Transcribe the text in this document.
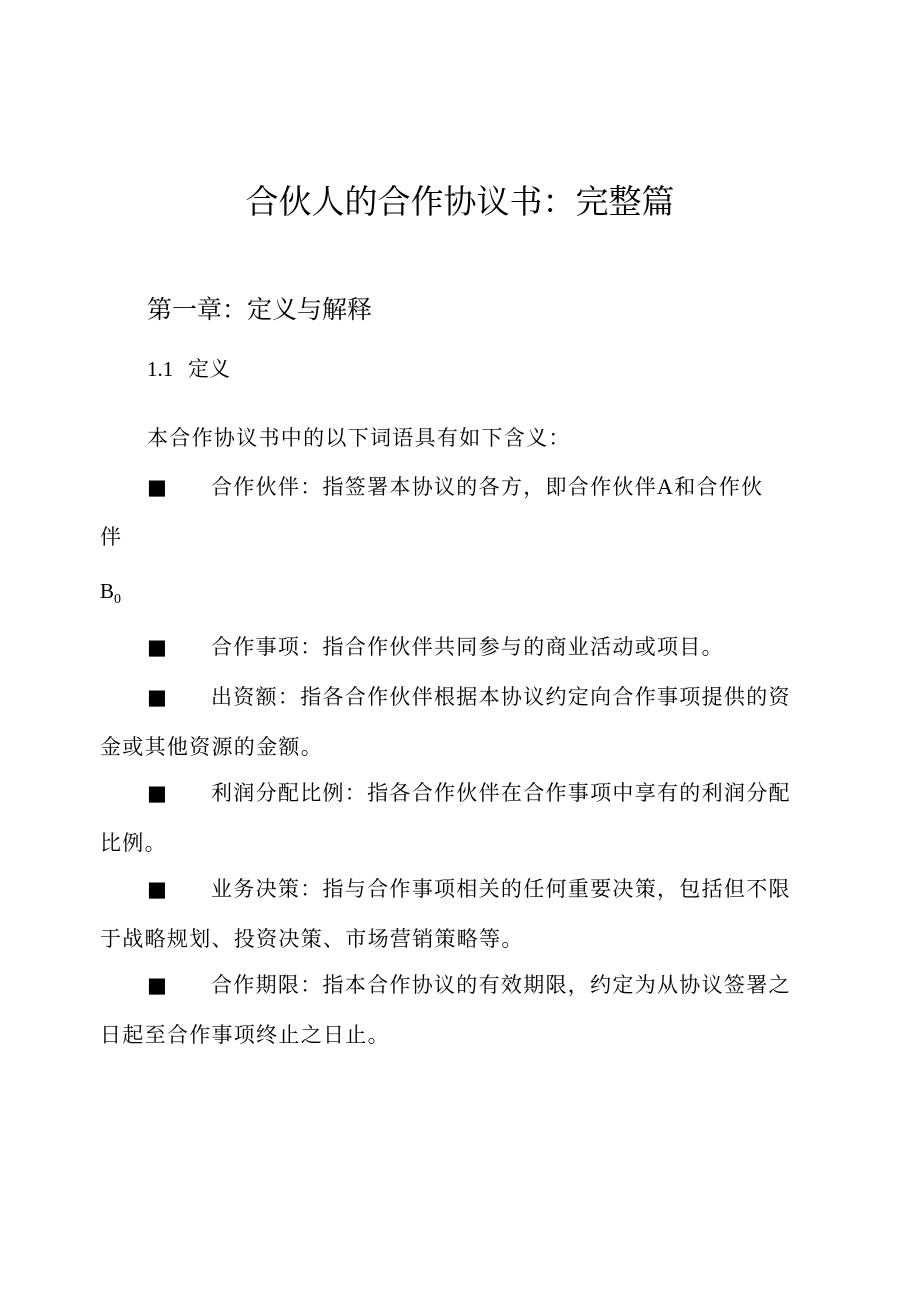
合伙人的合作协议书：完整篇
第一章：定义与解释
1.1 定义
本合作协议书中的以下词语具有如下含义：
■ 合作伙伴：指签署本协议的各方，即合作伙伴A和合作伙
伴
$B_0$
■ 合作事项：指合作伙伴共同参与的商业活动或项目。
■ 出资额：指各合作伙伴根据本协议约定向合作事项提供的资
金或其他资源的金额。
■ 利润分配比例：指各合作伙伴在合作事项中享有的利润分配
比例。
■ 业务决策：指与合作事项相关的任何重要决策，包括但不限
于战略规划、投资决策、市场营销策略等。
■ 合作期限：指本合作协议的有效期限，约定为从协议签署之
日起至合作事项终止之日止。
